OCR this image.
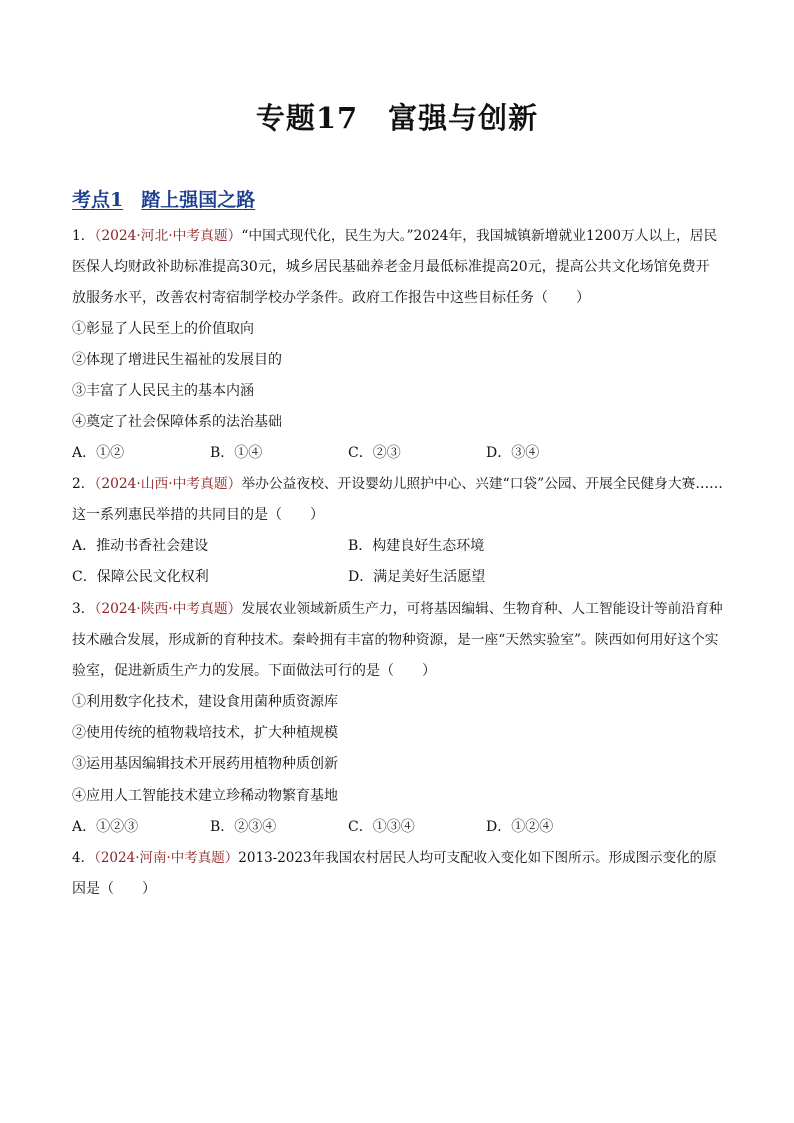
专题17 富强与创新
考点1 踏上强国之路
1．（2024·河北·中考真题）“中国式现代化，民生为大。”2024年，我国城镇新增就业1200万人以上，居民
医保人均财政补助标准提高30元，城乡居民基础养老金月最低标准提高20元，提高公共文化场馆免费开
放服务水平，改善农村寄宿制学校办学条件。政府工作报告中这些目标任务（　　）
①彰显了人民至上的价值取向
②体现了增进民生福祉的发展目的
③丰富了人民民主的基本内涵
④奠定了社会保障体系的法治基础
A．①②	B．①④	C．②③	D．③④
2．（2024·山西·中考真题）举办公益夜校、开设婴幼儿照护中心、兴建“口袋”公园、开展全民健身大赛……
这一系列惠民举措的共同目的是（　　）
A．推动书香社会建设	B．构建良好生态环境
C．保障公民文化权利	D．满足美好生活愿望
3．（2024·陕西·中考真题）发展农业领域新质生产力，可将基因编辑、生物育种、人工智能设计等前沿育种
技术融合发展，形成新的育种技术。秦岭拥有丰富的物种资源，是一座“天然实验室”。陕西如何用好这个实
验室，促进新质生产力的发展。下面做法可行的是（　　）
①利用数字化技术，建设食用菌种质资源库
②使用传统的植物栽培技术，扩大种植规模
③运用基因编辑技术开展药用植物种质创新
④应用人工智能技术建立珍稀动物繁育基地
A．①②③	B．②③④	C．①③④	D．①②④
4．（2024·河南·中考真题）2013-2023年我国农村居民人均可支配收入变化如下图所示。形成图示变化的原
因是（　　）
